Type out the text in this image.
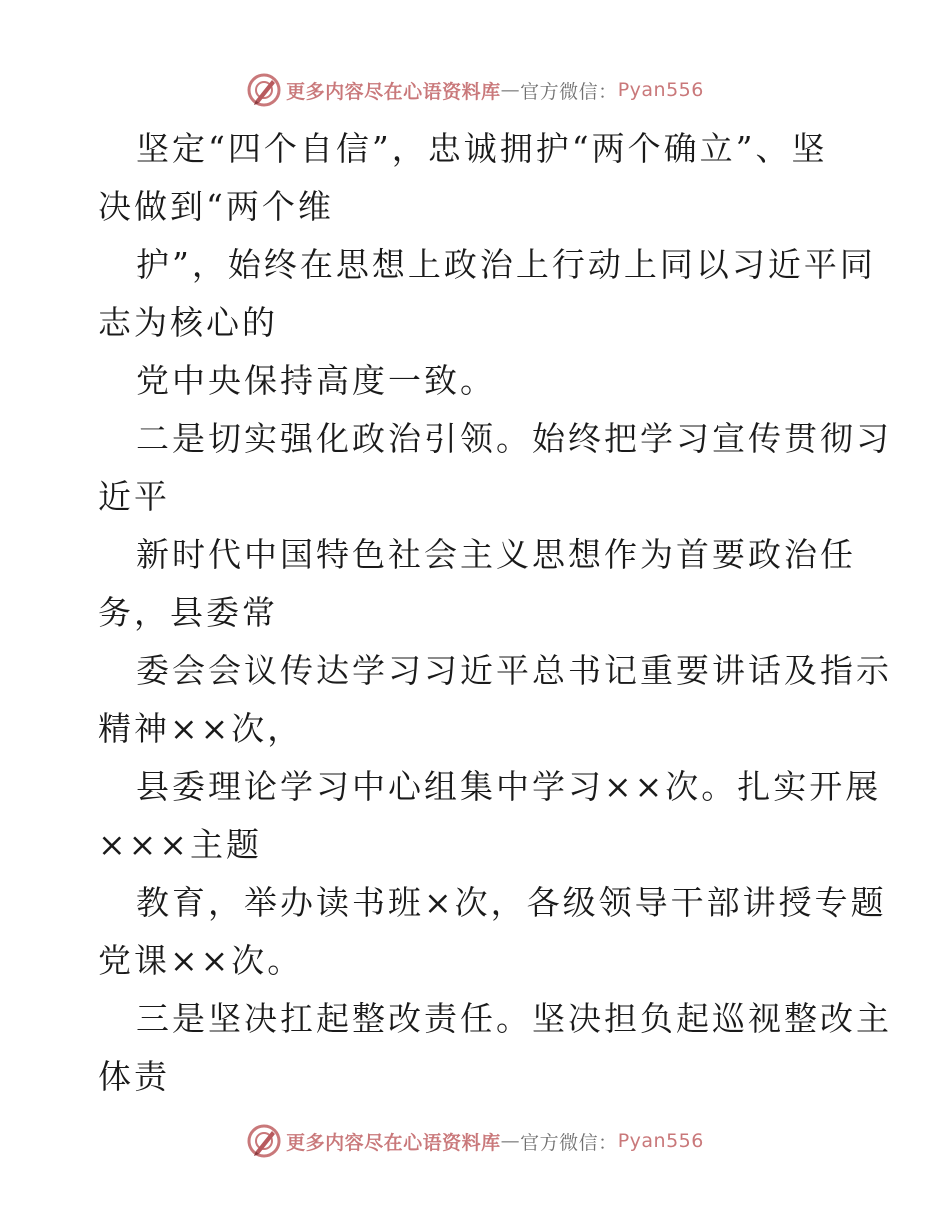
更多内容尽在心语资料库 — 官方微信： Pyan556
坚定“四个自信”，忠诚拥护“两个确立”、坚
决做到“两个维
护”，始终在思想上政治上行动上同以习近平同
志为核心的
党中央保持高度一致。
二是切实强化政治引领。始终把学习宣传贯彻习
近平
新时代中国特色社会主义思想作为首要政治任
务，县委常
委会会议传达学习习近平总书记重要讲话及指示
精神××次，
县委理论学习中心组集中学习××次。扎实开展
×××主题
教育，举办读书班×次，各级领导干部讲授专题
党课××次。
三是坚决扛起整改责任。坚决担负起巡视整改主
体责
更多内容尽在心语资料库 — 官方微信： Pyan556
